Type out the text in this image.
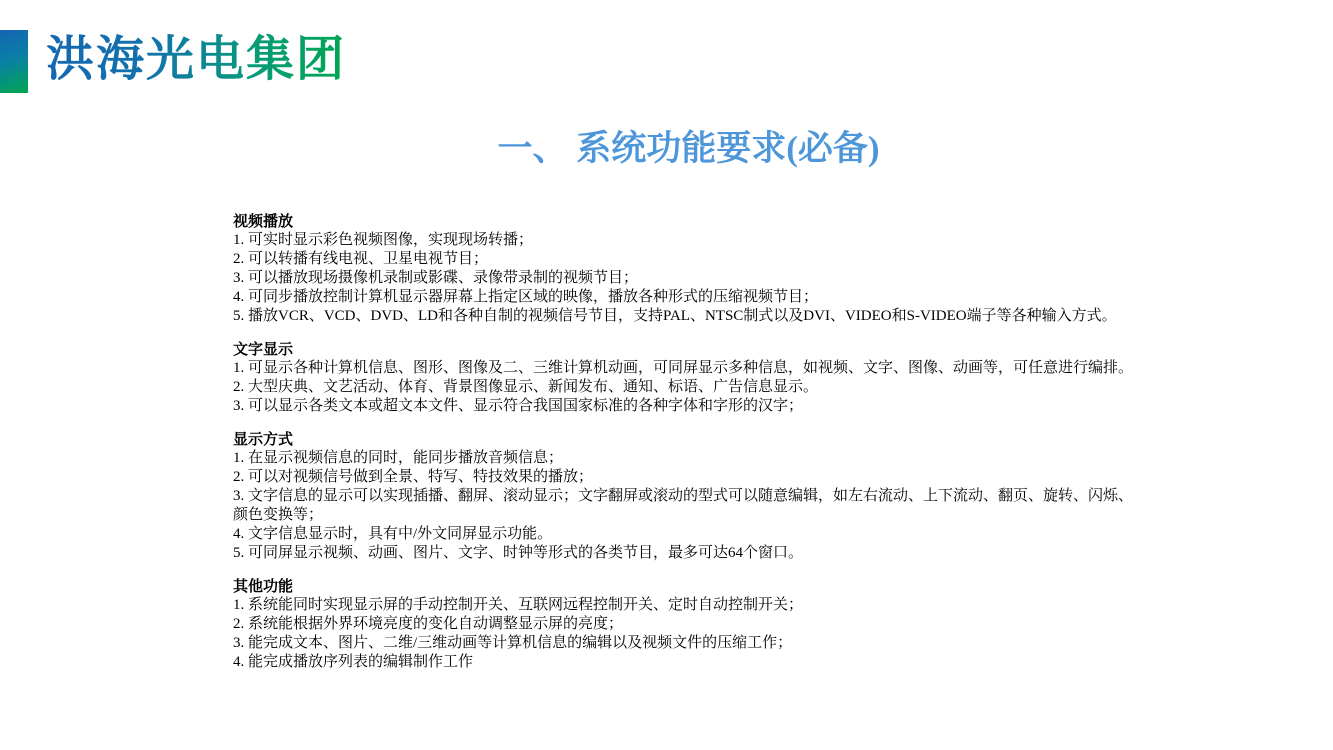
洪海光电集团
一、 系统功能要求(必备)
视频播放
1. 可实时显示彩色视频图像，实现现场转播；
2. 可以转播有线电视、卫星电视节目；
3. 可以播放现场摄像机录制或影碟、录像带录制的视频节目；
4. 可同步播放控制计算机显示器屏幕上指定区域的映像，播放各种形式的压缩视频节目；
5. 播放VCR、VCD、DVD、LD和各种自制的视频信号节目，支持PAL、NTSC制式以及DVI、VIDEO和S-VIDEO端子等各种输入方式。
文字显示
1. 可显示各种计算机信息、图形、图像及二、三维计算机动画，可同屏显示多种信息，如视频、文字、图像、动画等，可任意进行编排。
2. 大型庆典、文艺活动、体育、背景图像显示、新闻发布、通知、标语、广告信息显示。
3. 可以显示各类文本或超文本文件、显示符合我国国家标准的各种字体和字形的汉字；
显示方式
1. 在显示视频信息的同时，能同步播放音频信息；
2. 可以对视频信号做到全景、特写、特技效果的播放；
3. 文字信息的显示可以实现插播、翻屏、滚动显示；文字翻屏或滚动的型式可以随意编辑，如左右流动、上下流动、翻页、旋转、闪烁、颜色变换等；
4. 文字信息显示时，具有中/外文同屏显示功能。
5. 可同屏显示视频、动画、图片、文字、时钟等形式的各类节目，最多可达64个窗口。
其他功能
1. 系统能同时实现显示屏的手动控制开关、互联网远程控制开关、定时自动控制开关；
2. 系统能根据外界环境亮度的变化自动调整显示屏的亮度；
3. 能完成文本、图片、二维/三维动画等计算机信息的编辑以及视频文件的压缩工作；
4. 能完成播放序列表的编辑制作工作
